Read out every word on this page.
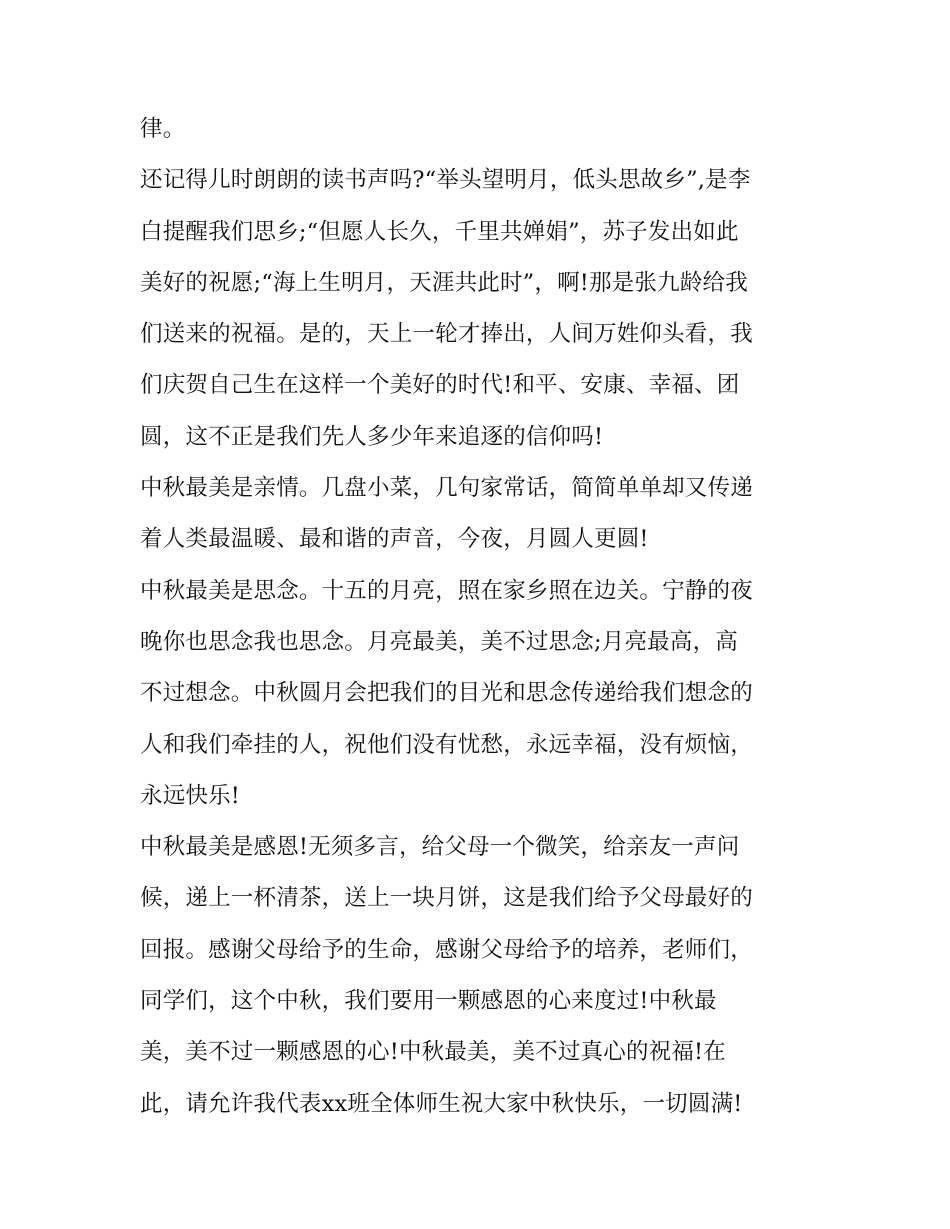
律。
还记得儿时朗朗的读书声吗?“举头望明月，低头思故乡”,是李
白提醒我们思乡;“但愿人长久，千里共婵娟”，苏子发出如此
美好的祝愿;“海上生明月，天涯共此时”，啊!那是张九龄给我
们送来的祝福。是的，天上一轮才捧出，人间万姓仰头看，我
们庆贺自己生在这样一个美好的时代!和平、安康、幸福、团
圆，这不正是我们先人多少年来追逐的信仰吗!
中秋最美是亲情。几盘小菜，几句家常话，简简单单却又传递
着人类最温暖、最和谐的声音，今夜，月圆人更圆!
中秋最美是思念。十五的月亮，照在家乡照在边关。宁静的夜
晚你也思念我也思念。月亮最美，美不过思念;月亮最高，高
不过想念。中秋圆月会把我们的目光和思念传递给我们想念的
人和我们牵挂的人，祝他们没有忧愁，永远幸福，没有烦恼，
永远快乐!
中秋最美是感恩!无须多言，给父母一个微笑，给亲友一声问
候，递上一杯清茶，送上一块月饼，这是我们给予父母最好的
回报。感谢父母给予的生命，感谢父母给予的培养，老师们，
同学们，这个中秋，我们要用一颗感恩的心来度过!中秋最
美，美不过一颗感恩的心!中秋最美，美不过真心的祝福!在
此，请允许我代表xx班全体师生祝大家中秋快乐，一切圆满!
